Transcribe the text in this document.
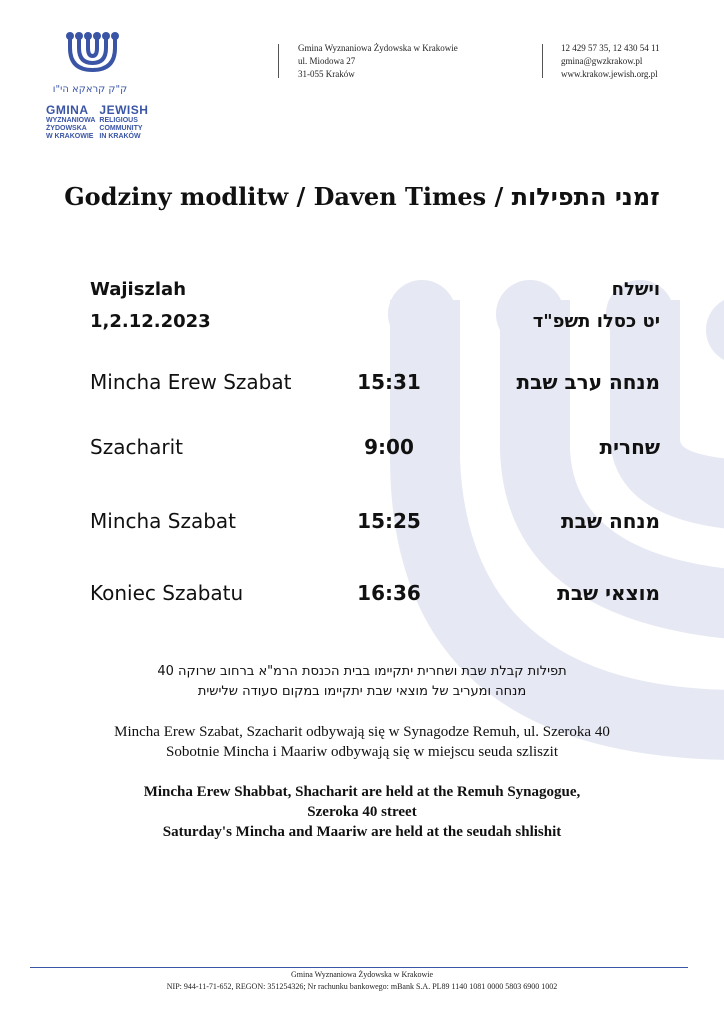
ק"ק קראקא הי"ו
GMINA
WYZNANIOWA
ŻYDOWSKA
W KRAKOWIE
JEWISH
RELIGIOUS
COMMUNITY
IN KRAKÓW
Gmina Wyznaniowa Żydowska w Krakowie
ul. Miodowa 27
31-055 Kraków
12 429 57 35, 12 430 54 11
gmina@gwzkrakow.pl
www.krakow.jewish.org.pl
Godziny modlitw / Daven Times / זמני התפילות
Wajiszlah
1,2.12.2023
וישלח
יט כסלו תשפ"ד
Mincha Erew Szabat	15:31	מנחה ערב שבת
Szacharit	9:00	שחרית
Mincha Szabat	15:25	מנחה שבת
Koniec Szabatu	16:36	מוצאי שבת
תפילות קבלת שבת ושחרית יתקיימו בבית הכנסת הרמ"א ברחוב שרוקה 40
מנחה ומעריב של מוצאי שבת יתקיימו במקום סעודה שלישית
Mincha Erew Szabat, Szacharit odbywają się w Synagodze Remuh, ul. Szeroka 40
Sobotnie Mincha i Maariw odbywają się w miejscu seuda szliszit
Mincha Erew Shabbat, Shacharit are held at the Remuh Synagogue,
Szeroka 40 street
Saturday's Mincha and Maariw are held at the seudah shlishit
Gmina Wyznaniowa Żydowska w Krakowie
NIP: 944-11-71-652, REGON: 351254326; Nr rachunku bankowego: mBank S.A. PL89 1140 1081 0000 5803 6900 1002
